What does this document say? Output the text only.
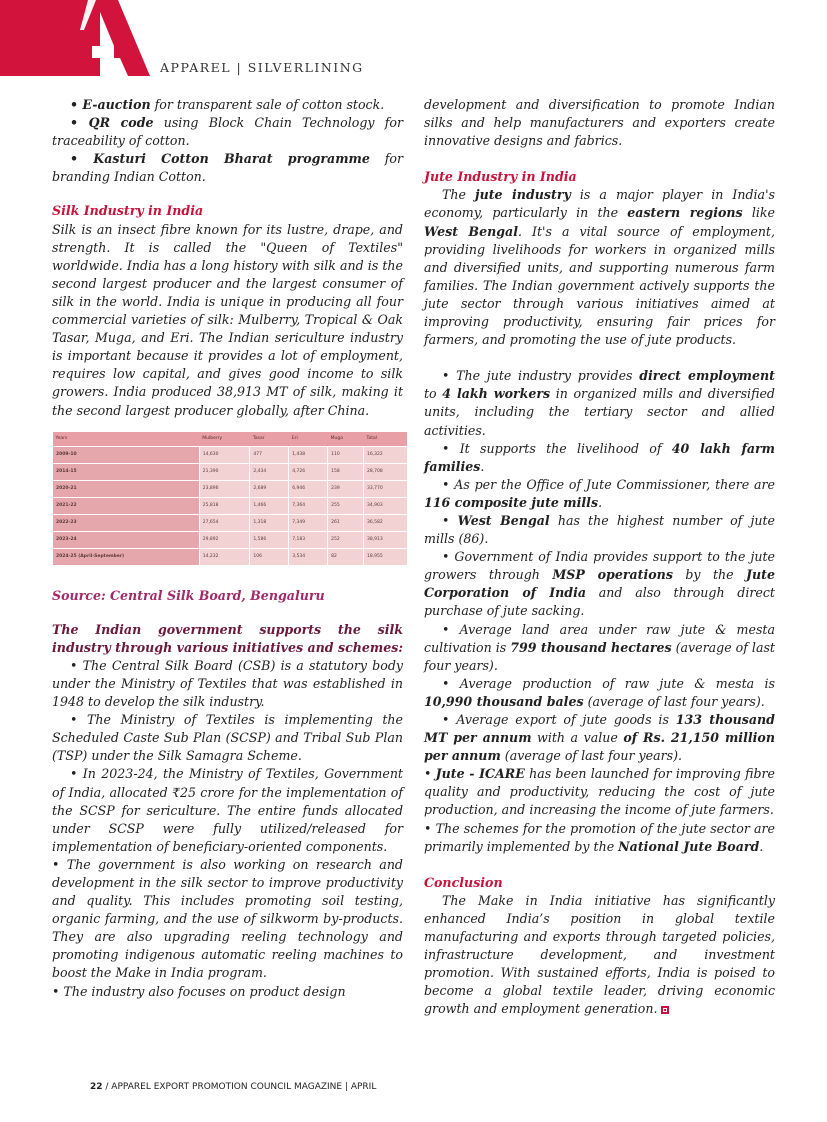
APPAREL | SILVERLINING

• E-auction for transparent sale of cotton stock.

• QR code using Block Chain Technology for traceability of cotton.

• Kasturi Cotton Bharat programme for branding Indian Cotton.

Silk Industry in India

Silk is an insect fibre known for its lustre, drape, and strength. It is called the "Queen of Textiles" worldwide. India has a long history with silk and is the second largest producer and the largest consumer of silk in the world. India is unique in producing all four commercial varieties of silk: Mulberry, Tropical & Oak Tasar, Muga, and Eri. The Indian sericulture industry is important because it provides a lot of employment, requires low capital, and gives good income to silk growers. India produced 38,913 MT of silk, making it the second largest producer globally, after China.

Years	Mulberry	Tasar	Eri	Muga	Total
2009-10	14,630	477	1,438	110	16,322
2014-15	21,390	2,434	4,726	158	28,708
2020-21	23,896	2,689	6,946	239	33,770
2021-22	25,818	1,466	7,364	255	34,903
2022-23	27,654	1,318	7,349	261	36,582
2023-24	29,892	1,586	7,183	252	38,913
2024-25 (April-September)	14,232	106	3,534	82	18,955

Source: Central Silk Board, Bengaluru

The Indian government supports the silk industry through various initiatives and schemes:

• The Central Silk Board (CSB) is a statutory body under the Ministry of Textiles that was established in 1948 to develop the silk industry.

• The Ministry of Textiles is implementing the Scheduled Caste Sub Plan (SCSP) and Tribal Sub Plan (TSP) under the Silk Samagra Scheme.

• In 2023-24, the Ministry of Textiles, Government of India, allocated ₹25 crore for the implementation of the SCSP for sericulture. The entire funds allocated under SCSP were fully utilized/released for implementation of beneficiary-oriented components.

• The government is also working on research and development in the silk sector to improve productivity and quality. This includes promoting soil testing, organic farming, and the use of silkworm by-products. They are also upgrading reeling technology and promoting indigenous automatic reeling machines to boost the Make in India program.

• The industry also focuses on product design

development and diversification to promote Indian silks and help manufacturers and exporters create innovative designs and fabrics.

Jute Industry in India

The jute industry is a major player in India's economy, particularly in the eastern regions like West Bengal. It's a vital source of employment, providing livelihoods for workers in organized mills and diversified units, and supporting numerous farm families. The Indian government actively supports the jute sector through various initiatives aimed at improving productivity, ensuring fair prices for farmers, and promoting the use of jute products.

• The jute industry provides direct employment to 4 lakh workers in organized mills and diversified units, including the tertiary sector and allied activities.

• It supports the livelihood of 40 lakh farm families.

• As per the Office of Jute Commissioner, there are 116 composite jute mills.

• West Bengal has the highest number of jute mills (86).

• Government of India provides support to the jute growers through MSP operations by the Jute Corporation of India and also through direct purchase of jute sacking.

• Average land area under raw jute & mesta cultivation is 799 thousand hectares (average of last four years).

• Average production of raw jute & mesta is 10,990 thousand bales (average of last four years).

• Average export of jute goods is 133 thousand MT per annum with a value of Rs. 21,150 million per annum (average of last four years).

• Jute - ICARE has been launched for improving fibre quality and productivity, reducing the cost of jute production, and increasing the income of jute farmers.

• The schemes for the promotion of the jute sector are primarily implemented by the National Jute Board.

Conclusion

The Make in India initiative has significantly enhanced India’s position in global textile manufacturing and exports through targeted policies, infrastructure development, and investment promotion. With sustained efforts, India is poised to become a global textile leader, driving economic growth and employment generation.

22 / APPAREL EXPORT PROMOTION COUNCIL MAGAZINE | APRIL
